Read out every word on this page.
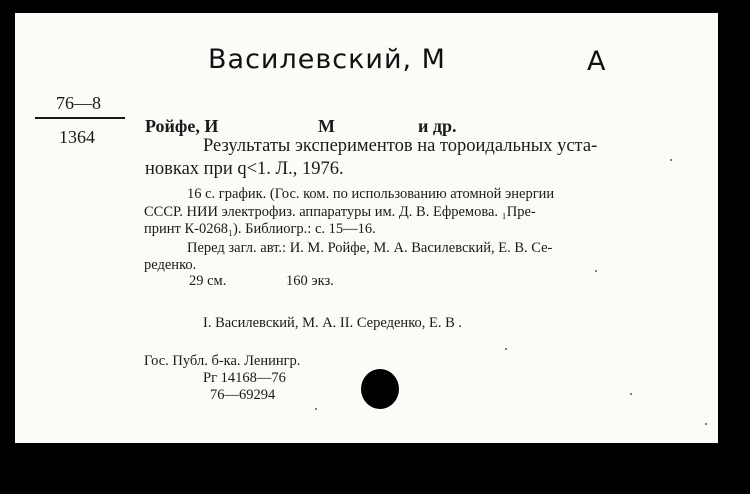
Василевский, М	А
76—8
1364
Ройфе, И	М	и др.
Результаты экспериментов на тороидальных уста-
новках при q<1. Л., 1976.
16 с. график. (Гос. ком. по использованию атомной энергии
СССР. НИИ электрофиз. аппаратуры им. Д. В. Ефремова. ₁Пре-
принт К-0268₁). Библиогр.: с. 15—16.
Перед загл. авт.: И. М. Ройфе, М. А. Василевский, Е. В. Се-
реденко.
29 см.	160 экз.
I. Василевский, М. А. II. Середенко, Е. В .
Гос. Публ. б-ка. Ленингр.
Рг 14168—76
76—69294
